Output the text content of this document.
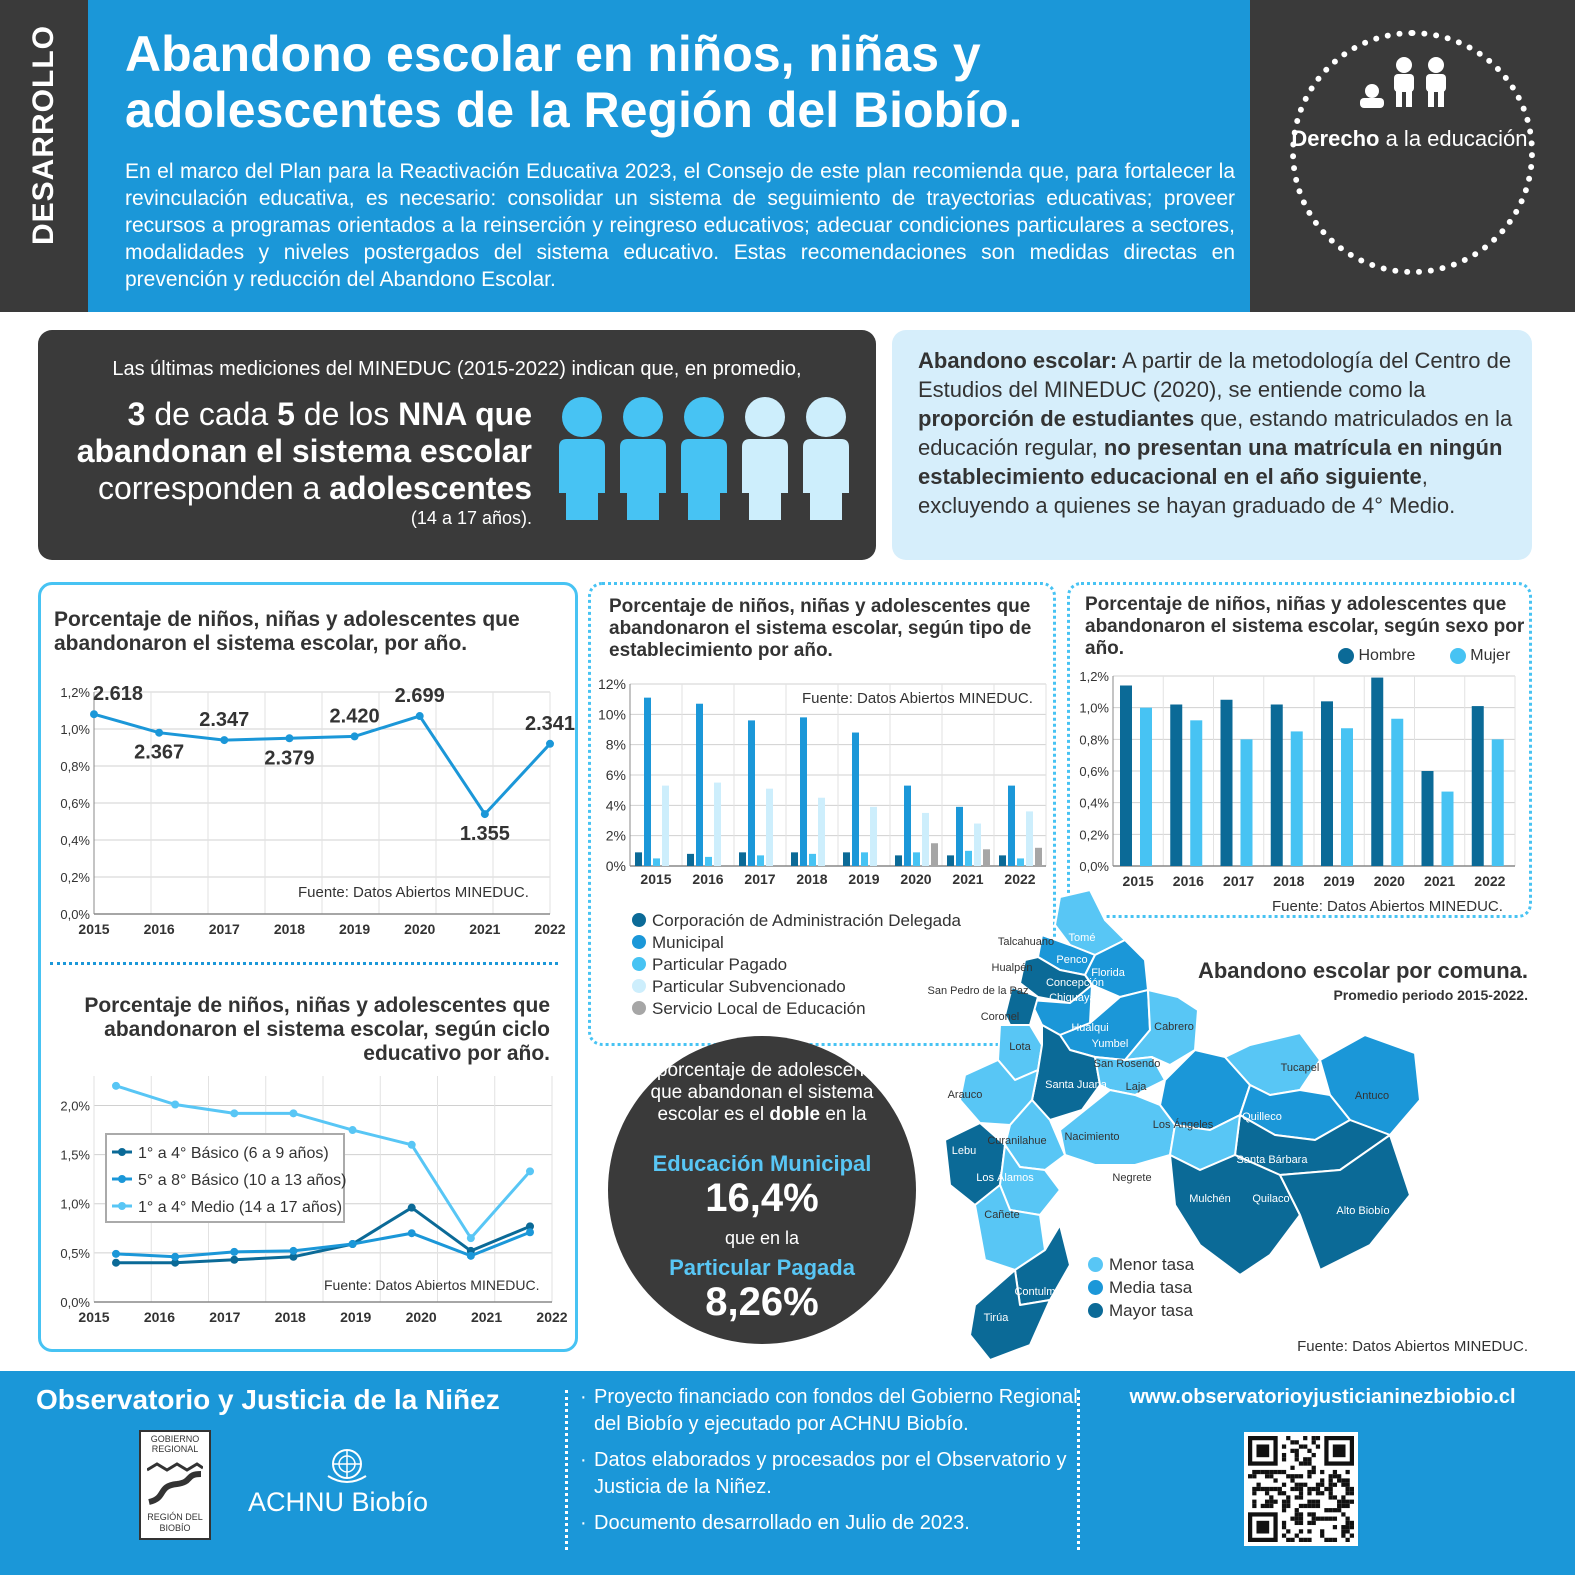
DESARROLLO Abandono escolar en niños, niñas y adolescentes de la Región del Biobío.

En el marco del Plan para la Reactivación Educativa 2023, el Consejo de este plan recomienda que, para fortalecer la revinculación educativa, es necesario: consolidar un sistema de seguimiento de trayectorias educativas; proveer recursos a programas orientados a la reinserción y reingreso educativos; adecuar condiciones particulares a sectores, modalidades y niveles postergados del sistema educativo. Estas recomendaciones son medidas directas en prevención y reducción del Abandono Escolar.

Derecho a la educación.
Las últimas mediciones del MINEDUC (2015-2022) indican que, en promedio,
3 de cada 5 de los NNA que abandonan el sistema escolar corresponden a adolescentes
(14 a 17 años).
Abandono escolar: A partir de la metodología del Centro de Estudios del MINEDUC (2020), se entiende como la proporción de estudiantes que, estando matriculados en la educación regular, no presentan una matrícula en ningún establecimiento educacional en el año siguiente, excluyendo a quienes se hayan graduado de 4° Medio.
Porcentaje de niños, niñas y adolescentes que abandonaron el sistema escolar, por año.
0,0%
0,2%
0,4%
0,6%
0,8%
1,0%
1,2%
2015 2016 2017 2018 2019 2020 2021 2022
2.618
2.367
2.347
2.379
2.420
2.699
1.355
2.341
Fuente: Datos Abiertos MINEDUC.
Porcentaje de niños, niñas y adolescentes que abandonaron el sistema escolar, según ciclo educativo por año.
0,0%
0,5%
1,0%
1,5%
2,0%
2015 2016 2017 2018 2019 2020 2021 2022
1° a 4° Básico (6 a 9 años)
5° a 8° Básico (10 a 13 años)
1° a 4° Medio (14 a 17 años)
Fuente: Datos Abiertos MINEDUC.
Porcentaje de niños, niñas y adolescentes que abandonaron el sistema escolar, según tipo de establecimiento por año.
0%
2%
4%
6%
8%
10%
12%
2015 2016 2017 2018 2019 2020 2021 2022
Fuente: Datos Abiertos MINEDUC.
Corporación de Administración Delegada
Municipal
Particular Pagado
Particular Subvencionado
Servicio Local de Educación
Porcentaje de niños, niñas y adolescentes que abandonaron el sistema escolar, según sexo por año.	Hombre	Mujer
0,0%
0,2%
0,4%
0,6%
0,8%
1,0%
1,2%
2015 2016 2017 2018 2019 2020 2021 2022
Fuente: Datos Abiertos MINEDUC.
Tomé
Talcahuano
Penco
Florida
Hualpén
Concepción
Chiguayante
San Pedro de la Paz
Coronel
Hualqui	Cabrero
Yumbel
Lota
San Rosendo
Santa Juana Laja
Tucapel
Arauco	Antuco
Quilleco
Los Ángeles
Nacimiento
Curanilahue
Lebu
Santa Bárbara
Negrete
Los Álamos
Mulchén Quilaco
Alto Biobío
Cañete
Contulmo
Tirúa
Abandono escolar por comuna.
Promedio periodo 2015-2022.
Menor tasa
Media tasa
Mayor tasa
Fuente: Datos Abiertos MINEDUC.
El porcentaje de adolescentes que abandonan el sistema escolar es el doble en la
Educación Municipal
16,4%
que en la
Particular Pagada
8,26%
Observatorio y Justicia de la Niñez
GOBIERNO REGIONAL
REGIÓN DEL BIOBÍO
ACHNU Biobío
· Proyecto financiado con fondos del Gobierno Regional del Biobío y ejecutado por ACHNU Biobío.
· Datos elaborados y procesados por el Observatorio y Justicia de la Niñez.
· Documento desarrollado en Julio de 2023.
www.observatorioyjusticianinezbiobio.cl
